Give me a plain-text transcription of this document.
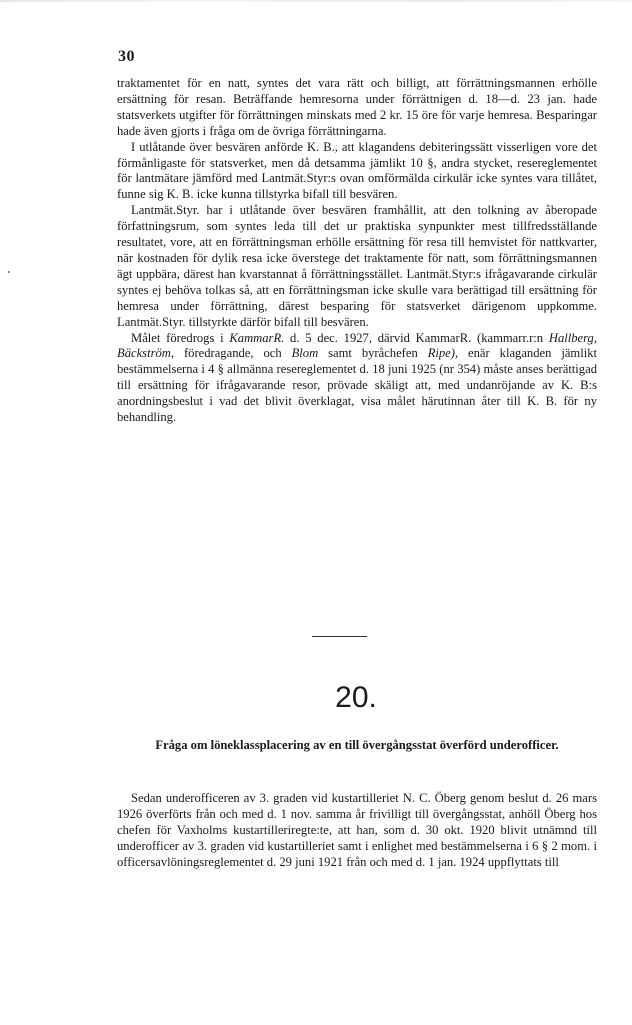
30

traktamentet för en natt, syntes det vara rätt och billigt, att förrättningsmannen erhölle ersättning för resan. Beträffande hemresorna under förrättnigen d. 18—d. 23 jan. hade statsverkets utgifter för förrättningen minskats med 2 kr. 15 öre för varje hemresa. Besparingar hade även gjorts i fråga om de övriga förrättningarna.

I utlåtande över besvären anförde K. B., att klagandens debiteringssätt visserligen vore det förmånligaste för statsverket, men då detsamma jämlikt 10 §, andra stycket, resereglementet för lantmätare jämförd med Lantmät.Styr:s ovan omförmälda cirkulär icke syntes vara tillåtet, funne sig K. B. icke kunna tillstyrka bifall till besvären.

Lantmät.Styr. har i utlåtande över besvären framhållit, att den tolkning av åberopade författningsrum, som syntes leda till det ur praktiska synpunkter mest tillfredsställande resultatet, vore, att en förrättningsman erhölle ersättning för resa till hemvistet för nattkvarter, när kostnaden för dylik resa icke överstege det traktamente för natt, som förrättningsmannen ägt uppbära, därest han kvarstannat å förrättningsstället. Lantmät.Styr:s ifrågavarande cirkulär syntes ej behöva tolkas så, att en förrättningsman icke skulle vara berättigad till ersättning för hemresa under förrättning, därest besparing för statsverket därigenom uppkomme. Lantmät.Styr. tillstyrkte därför bifall till besvären.

Målet föredrogs i KammarR. d. 5 dec. 1927, därvid KammarR. (kammarr.r:n Hallberg, Bäckström, föredragande, och Blom samt byråchefen Ripe), enär klaganden jämlikt bestämmelserna i 4 § allmänna resereglementet d. 18 juni 1925 (nr 354) måste anses berättigad till ersättning för ifrågavarande resor, prövade skäligt att, med undanröjande av K. B:s anordningsbeslut i vad det blivit överklagat, visa målet härutinnan åter till K. B. för ny behandling.

20.
Fråga om löneklassplacering av en till övergångsstat överförd underofficer.

Sedan underofficeren av 3. graden vid kustartilleriet N. C. Öberg genom beslut d. 26 mars 1926 överförts från och med d. 1 nov. samma år frivilligt till övergångsstat, anhöll Öberg hos chefen för Vaxholms kustartilleriregte:te, att han, som d. 30 okt. 1920 blivit utnämnd till underofficer av 3. graden vid kustartilleriet samt i enlighet med bestämmelserna i 6 § 2 mom. i officersavlöningsreglementet d. 29 juni 1921 från och med d. 1 jan. 1924 uppflyttats till
